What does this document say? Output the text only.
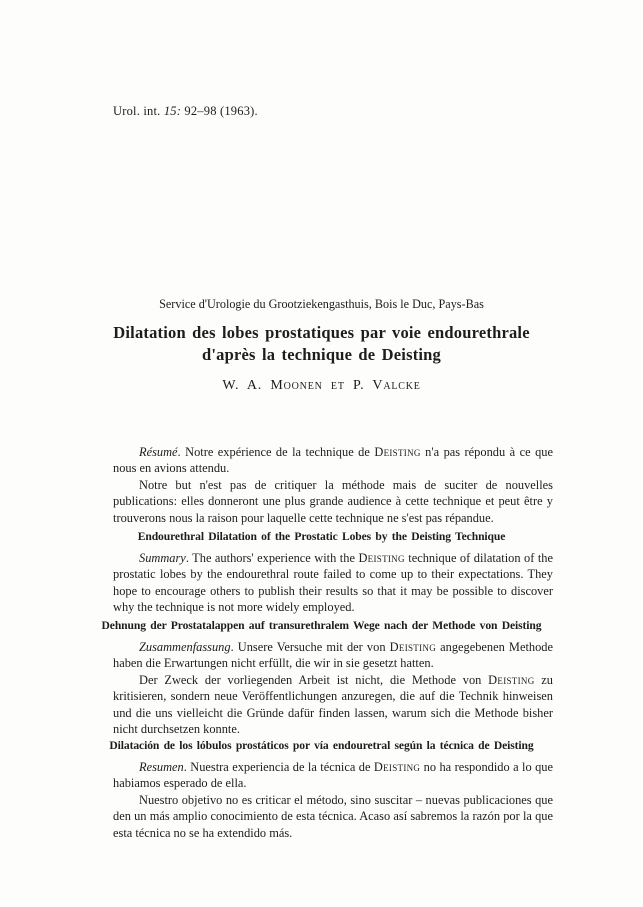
Urol. int. 15: 92–98 (1963).
Service d'Urologie du Grootziekengasthuis, Bois le Duc, Pays-Bas
Dilatation des lobes prostatiques par voie endourethrale
d'après la technique de Deisting
W. A. Moonen et P. Valcke

Résumé. Notre expérience de la technique de Deisting n'a pas répondu à ce que nous en avions attendu.

Notre but n'est pas de critiquer la méthode mais de suciter de nouvelles publications: elles donneront une plus grande audience à cette technique et peut être y trouverons nous la raison pour laquelle cette technique ne s'est pas répandue.

Endourethral Dilatation of the Prostatic Lobes by the Deisting Technique

Summary. The authors' experience with the Deisting technique of dilatation of the prostatic lobes by the endourethral route failed to come up to their expectations. They hope to encourage others to publish their results so that it may be possible to discover why the technique is not more widely employed.

Dehnung der Prostatalappen auf transurethralem Wege nach der Methode von Deisting

Zusammenfassung. Unsere Versuche mit der von Deisting angegebenen Methode haben die Erwartungen nicht erfüllt, die wir in sie gesetzt hatten.

Der Zweck der vorliegenden Arbeit ist nicht, die Methode von Deisting zu kritisieren, sondern neue Veröffentlichungen anzuregen, die auf die Technik hinweisen und die uns vielleicht die Gründe dafür finden lassen, warum sich die Methode bisher nicht durchsetzen konnte.

Dilatación de los lóbulos prostáticos por vía endouretral según la técnica de Deisting

Resumen. Nuestra experiencia de la técnica de Deisting no ha respondido a lo que habiamos esperado de ella.

Nuestro objetivo no es criticar el método, sino suscitar – nuevas publicaciones que den un más amplio conocimiento de esta técnica. Acaso así sabremos la razón por la que esta técnica no se ha extendido más.
